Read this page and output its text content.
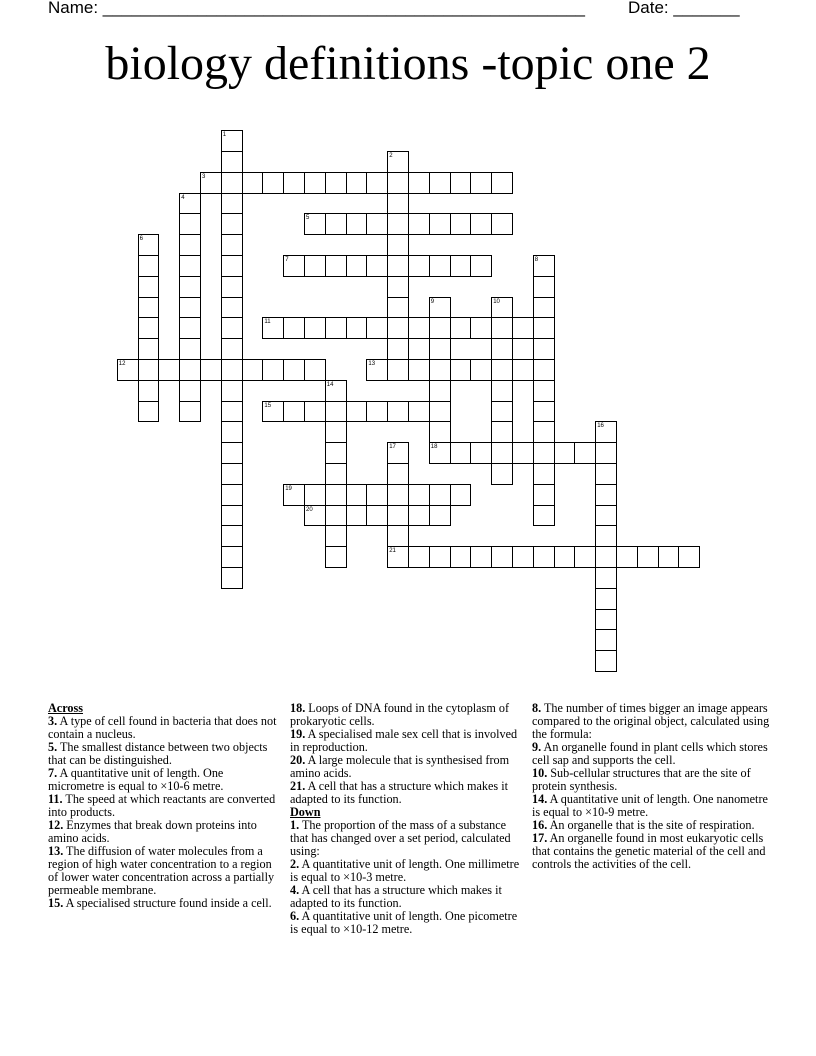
Name: ___________________________________________________	Date: _______
biology definitions -topic one 2
3
5
7
11
12	13
15
18
19
20
21
1
2
4
6
8
9	10
14
16
17

Across

3. A type of cell found in bacteria that does not contain a nucleus.

5. The smallest distance between two objects that can be distinguished.

7. A quantitative unit of length. One micrometre is equal to ×10-6 metre.

11. The speed at which reactants are converted into products.

12. Enzymes that break down proteins into amino acids.

13. The diffusion of water molecules from a region of high water concentration to a region of lower water concentration across a partially permeable membrane.

15. A specialised structure found inside a cell.

18. Loops of DNA found in the cytoplasm of prokaryotic cells.

19. A specialised male sex cell that is involved in reproduction.

20. A large molecule that is synthesised from amino acids.

21. A cell that has a structure which makes it adapted to its function.

Down

1. The proportion of the mass of a substance that has changed over a set period, calculated using:

2. A quantitative unit of length. One millimetre is equal to ×10-3 metre.

4. A cell that has a structure which makes it adapted to its function.

6. A quantitative unit of length. One picometre is equal to ×10-12 metre.

8. The number of times bigger an image appears compared to the original object, calculated using the formula:

9. An organelle found in plant cells which stores cell sap and supports the cell.

10. Sub-cellular structures that are the site of protein synthesis.

14. A quantitative unit of length. One nanometre is equal to ×10-9 metre.

16. An organelle that is the site of respiration.

17. An organelle found in most eukaryotic cells that contains the genetic material of the cell and controls the activities of the cell.
